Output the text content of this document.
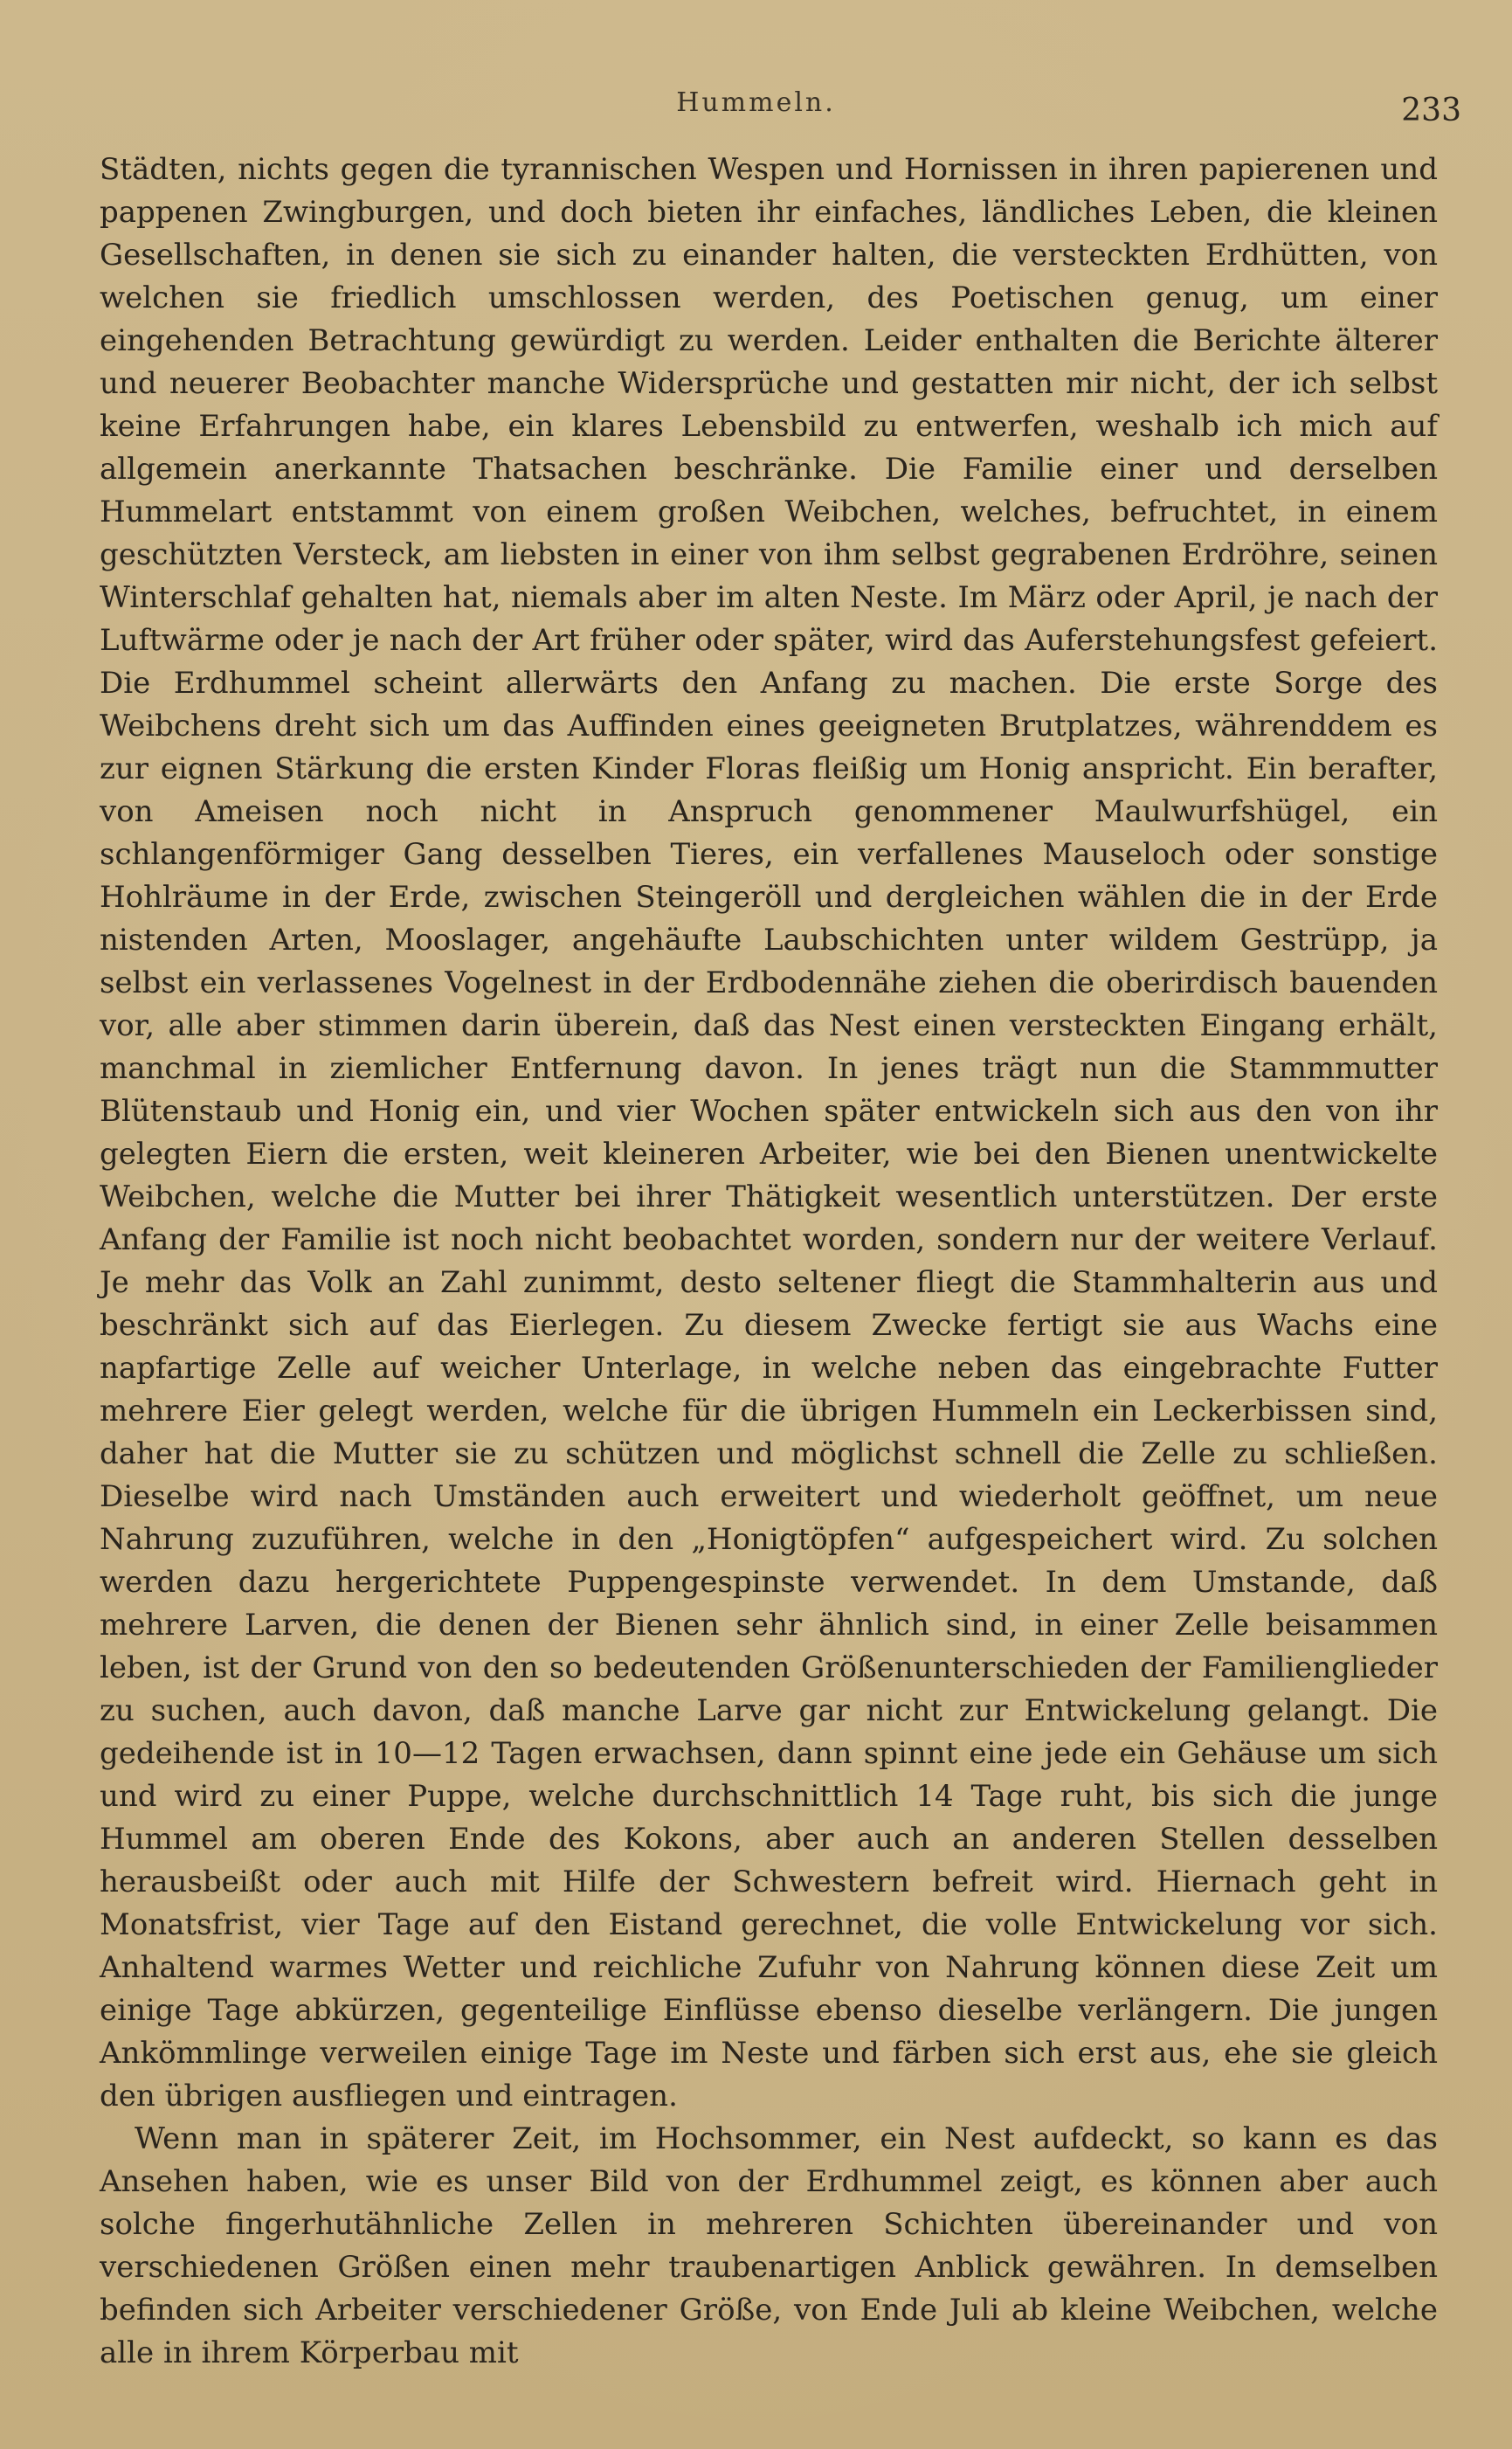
Hummeln.	233

Städten, nichts gegen die tyrannischen Wespen und Hornissen in ihren papierenen und pappenen Zwingburgen, und doch bieten ihr einfaches, ländliches Leben, die kleinen Gesellschaften, in denen sie sich zu einander halten, die versteckten Erdhütten, von welchen sie friedlich umschlossen werden, des Poetischen genug, um einer eingehenden Betrachtung gewürdigt zu werden. Leider enthalten die Berichte älterer und neuerer Beobachter manche Widersprüche und gestatten mir nicht, der ich selbst keine Erfahrungen habe, ein klares Lebensbild zu entwerfen, weshalb ich mich auf allgemein anerkannte Thatsachen beschränke. Die Familie einer und derselben Hummelart entstammt von einem großen Weibchen, welches, befruchtet, in einem geschützten Versteck, am liebsten in einer von ihm selbst gegrabenen Erdröhre, seinen Winterschlaf gehalten hat, niemals aber im alten Neste. Im März oder April, je nach der Luftwärme oder je nach der Art früher oder später, wird das Auferstehungsfest gefeiert. Die Erdhummel scheint allerwärts den Anfang zu machen. Die erste Sorge des Weibchens dreht sich um das Auffinden eines geeigneten Brutplatzes, währenddem es zur eignen Stärkung die ersten Kinder Floras fleißig um Honig anspricht. Ein berafter, von Ameisen noch nicht in Anspruch genommener Maulwurfshügel, ein schlangenförmiger Gang desselben Tieres, ein verfallenes Mauseloch oder sonstige Hohlräume in der Erde, zwischen Steingeröll und dergleichen wählen die in der Erde nistenden Arten, Mooslager, angehäufte Laubschichten unter wildem Gestrüpp, ja selbst ein verlassenes Vogelnest in der Erdbodennähe ziehen die oberirdisch bauenden vor, alle aber stimmen darin überein, daß das Nest einen versteckten Eingang erhält, manchmal in ziemlicher Entfernung davon. In jenes trägt nun die Stammmutter Blütenstaub und Honig ein, und vier Wochen später entwickeln sich aus den von ihr gelegten Eiern die ersten, weit kleineren Arbeiter, wie bei den Bienen unentwickelte Weibchen, welche die Mutter bei ihrer Thätigkeit wesentlich unterstützen. Der erste Anfang der Familie ist noch nicht beobachtet worden, sondern nur der weitere Verlauf. Je mehr das Volk an Zahl zunimmt, desto seltener fliegt die Stammhalterin aus und beschränkt sich auf das Eierlegen. Zu diesem Zwecke fertigt sie aus Wachs eine napfartige Zelle auf weicher Unterlage, in welche neben das eingebrachte Futter mehrere Eier gelegt werden, welche für die übrigen Hummeln ein Leckerbissen sind, daher hat die Mutter sie zu schützen und möglichst schnell die Zelle zu schließen. Dieselbe wird nach Umständen auch erweitert und wiederholt geöffnet, um neue Nahrung zuzuführen, welche in den „Honigtöpfen“ aufgespeichert wird. Zu solchen werden dazu hergerichtete Puppengespinste verwendet. In dem Umstande, daß mehrere Larven, die denen der Bienen sehr ähnlich sind, in einer Zelle beisammen leben, ist der Grund von den so bedeutenden Größenunterschieden der Familienglieder zu suchen, auch davon, daß manche Larve gar nicht zur Entwickelung gelangt. Die gedeihende ist in 10—12 Tagen erwachsen, dann spinnt eine jede ein Gehäuse um sich und wird zu einer Puppe, welche durchschnittlich 14 Tage ruht, bis sich die junge Hummel am oberen Ende des Kokons, aber auch an anderen Stellen desselben herausbeißt oder auch mit Hilfe der Schwestern befreit wird. Hiernach geht in Monatsfrist, vier Tage auf den Eistand gerechnet, die volle Entwickelung vor sich. Anhaltend warmes Wetter und reichliche Zufuhr von Nahrung können diese Zeit um einige Tage abkürzen, gegenteilige Einflüsse ebenso dieselbe verlängern. Die jungen Ankömmlinge verweilen einige Tage im Neste und färben sich erst aus, ehe sie gleich den übrigen ausfliegen und eintragen.

Wenn man in späterer Zeit, im Hochsommer, ein Nest aufdeckt, so kann es das Ansehen haben, wie es unser Bild von der Erdhummel zeigt, es können aber auch solche fingerhutähnliche Zellen in mehreren Schichten übereinander und von verschiedenen Größen einen mehr traubenartigen Anblick gewähren. In demselben befinden sich Arbeiter verschiedener Größe, von Ende Juli ab kleine Weibchen, welche alle in ihrem Körperbau mit
